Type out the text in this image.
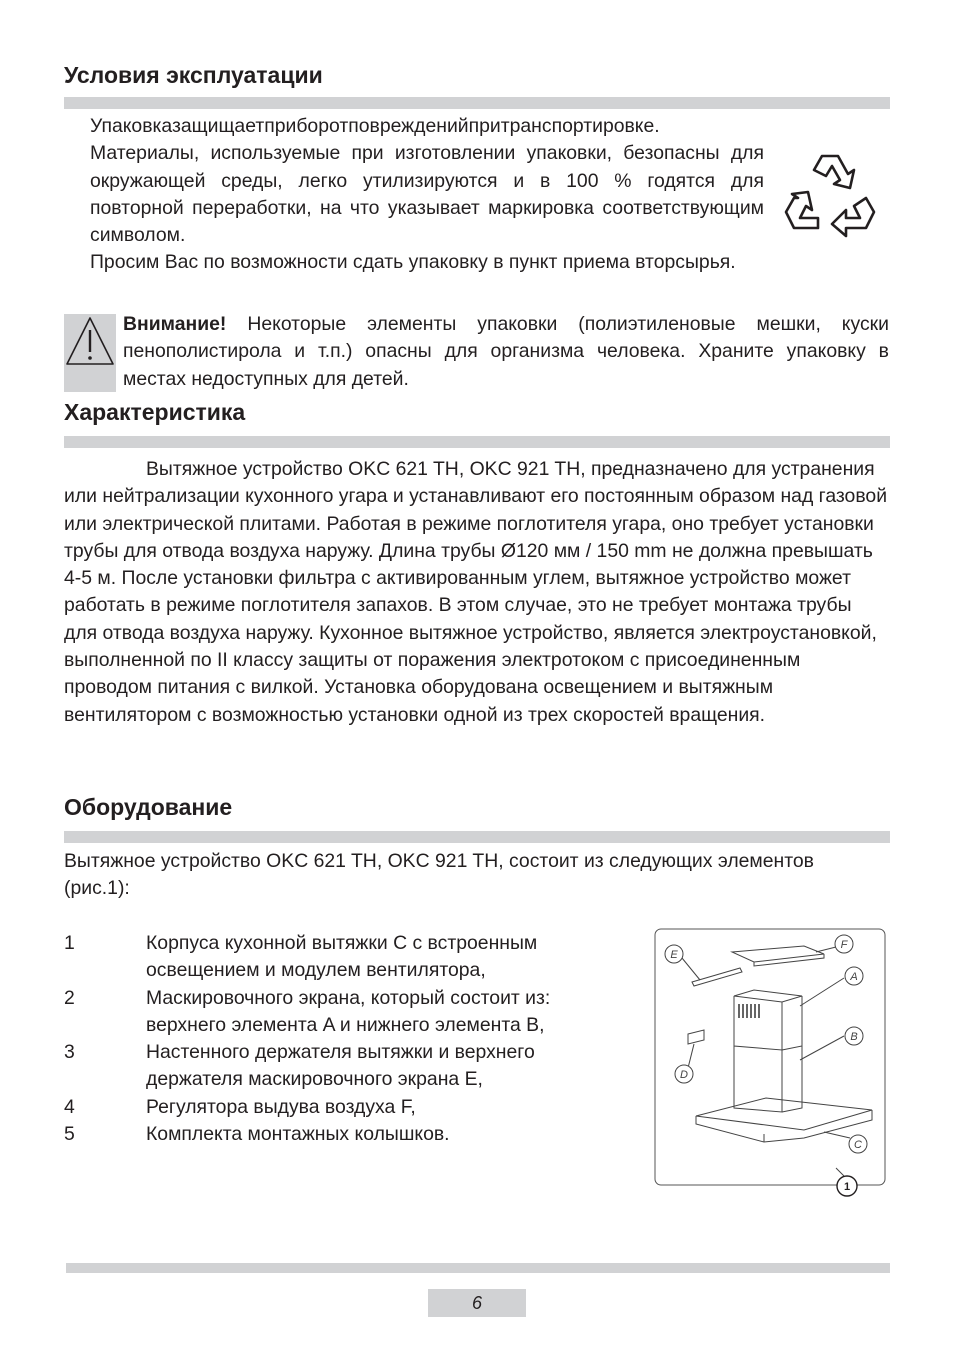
Условия эксплуатации

Упаковказащищаетприборотповрежденийпритранспортировке. Материалы, используемые при изготовлении упаковки, безопасны для окружающей среды, легко утилизируются и в 100 % годятся для повторной переработки, на что указывает маркировка соответствующим символом.
Просим Вас по возможности сдать упаковку в пункт приема вторсырья.

Внимание! Некоторые элементы упаковки (полиэтиленовые мешки, куски пенополистирола и т.п.) опасны для организма человека. Храните упаковку в местах недоступных для детей.

Характеристика

Вытяжное устройство OKC 621 TH, OKC 921 TH, предназначено для устранения или нейтрализации кухонного угара и устанавливают его постоянным образом над газовой или электрической плитами. Работая в режиме поглотителя угара, оно требует установки трубы для отвода воздуха наружу. Длина трубы Ø120 мм / 150 mm не должна превышать 4-5 м. После установки фильтра с активированным углем, вытяжное устройство может работать в режиме поглотителя запахов. В этом случае, это не требует монтажа трубы для отвода воздуха наружу. Кухонное вытяжное устройство, является электроустановкой, выполненной по II классу защиты от поражения электротоком с присоединенным проводом питания с вилкой. Установка оборудована освещением и вытяжным вентилятором с возможностью установки одной из трех скоростей вращения.

Оборудование

Вытяжное устройство OKC 621 TH, OKC 921 TH, состоит из следующих элементов (рис.1):

1	Корпуса кухонной вытяжки C с встроенным освещением и модулем вентилятора,
2	Маскировочного экрана, который состоит из: верхнего элемента A и нижнего элемента B,
3	Настенного держателя вытяжки и верхнего держателя маскировочного экрана E,
4	Регулятора выдува воздуха F,
5	Комплекта монтажных колышков.
E
F
A
B
D
C
1
6
